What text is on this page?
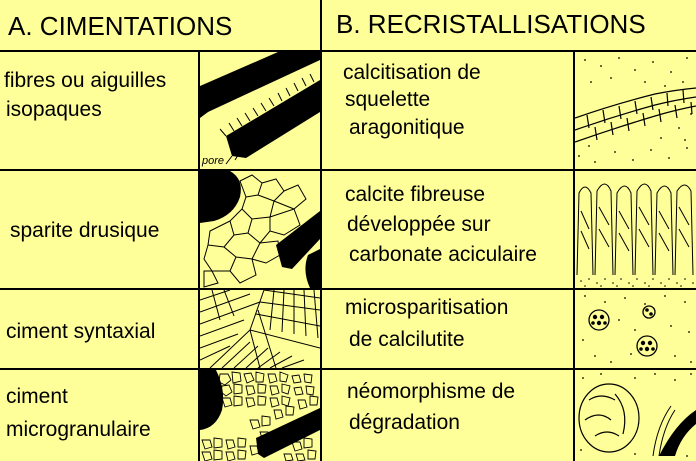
A. CIMENTATIONS	B. RECRISTALLISATIONS
fibres ou aiguilles
isopaques
sparite drusique
ciment syntaxial
ciment
microgranulaire
calcitisation de
squelette
aragonitique
calcite fibreuse
développée sur
carbonate aciculaire
microsparitisation
de calcilutite
néomorphisme de
dégradation
pore
